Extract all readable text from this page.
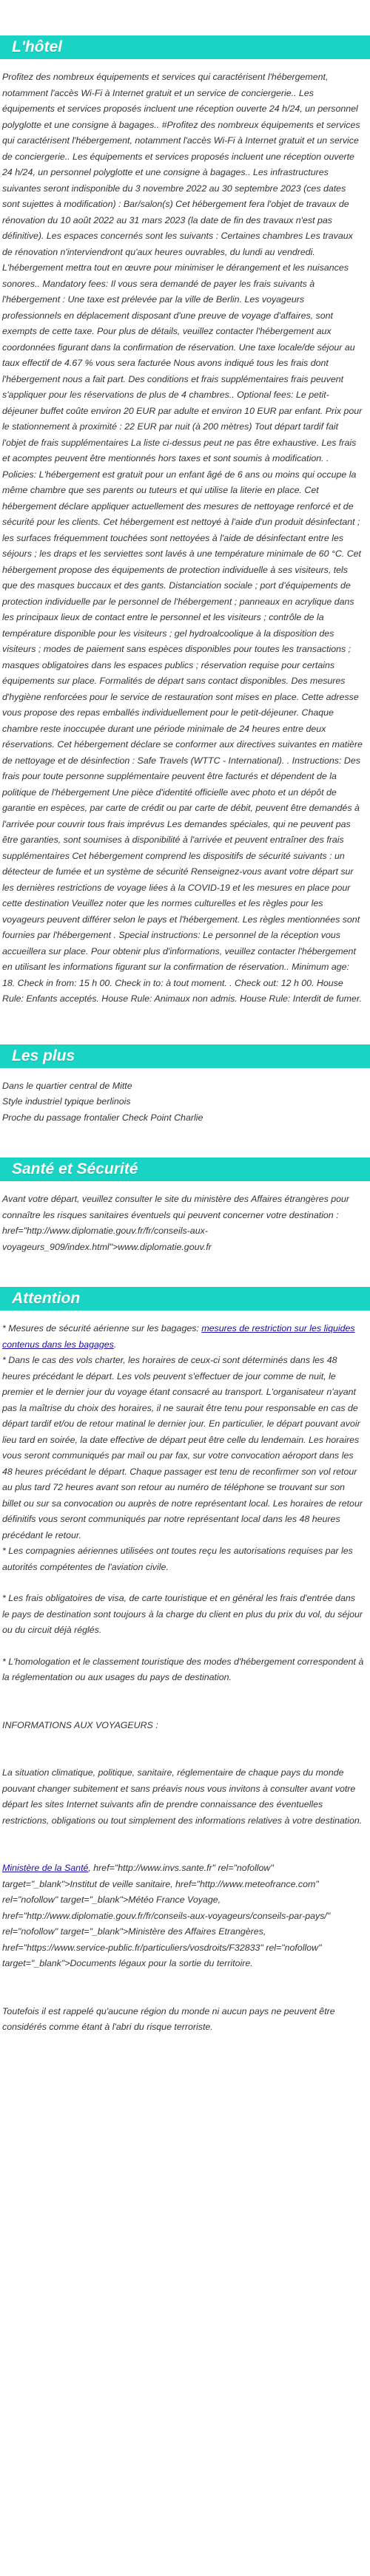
L'hôtel

Profitez des nombreux équipements et services qui caractérisent l'hébergement, notamment l'accès Wi-Fi à Internet gratuit et un service de conciergerie.. Les équipements et services proposés incluent une réception ouverte 24 h/24, un personnel polyglotte et une consigne à bagages.. #Profitez des nombreux équipements et services qui caractérisent l'hébergement, notamment l'accès Wi-Fi à Internet gratuit et un service de conciergerie.. Les équipements et services proposés incluent une réception ouverte 24 h/24, un personnel polyglotte et une consigne à bagages.. Les infrastructures suivantes seront indisponible du 3 novembre 2022 au 30 septembre 2023 (ces dates sont sujettes à modification) : Bar/salon(s) Cet hébergement fera l'objet de travaux de rénovation du 10 août 2022 au 31 mars 2023 (la date de fin des travaux n'est pas définitive). Les espaces concernés sont les suivants : Certaines chambres Les travaux de rénovation n'interviendront qu'aux heures ouvrables, du lundi au vendredi. L'hébergement mettra tout en œuvre pour minimiser le dérangement et les nuisances sonores.. Mandatory fees: Il vous sera demandé de payer les frais suivants à l'hébergement : Une taxe est prélevée par la ville de Berlin. Les voyageurs professionnels en déplacement disposant d'une preuve de voyage d'affaires, sont exempts de cette taxe. Pour plus de détails, veuillez contacter l'hébergement aux coordonnées figurant dans la confirmation de réservation. Une taxe locale/de séjour au taux effectif de 4.67 % vous sera facturée Nous avons indiqué tous les frais dont l'hébergement nous a fait part. Des conditions et frais supplémentaires frais peuvent s'appliquer pour les réservations de plus de 4 chambres.. Optional fees: Le petit-déjeuner buffet coûte environ 20 EUR par adulte et environ 10 EUR par enfant. Prix pour le stationnement à proximité : 22 EUR par nuit (à 200 mètres) Tout départ tardif fait l'objet de frais supplémentaires La liste ci-dessus peut ne pas être exhaustive. Les frais et acomptes peuvent être mentionnés hors taxes et sont soumis à modification. . Policies: L'hébergement est gratuit pour un enfant âgé de 6 ans ou moins qui occupe la même chambre que ses parents ou tuteurs et qui utilise la literie en place. Cet hébergement déclare appliquer actuellement des mesures de nettoyage renforcé et de sécurité pour les clients. Cet hébergement est nettoyé à l'aide d'un produit désinfectant ; les surfaces fréquemment touchées sont nettoyées à l'aide de désinfectant entre les séjours ; les draps et les serviettes sont lavés à une température minimale de 60 °C. Cet hébergement propose des équipements de protection individuelle à ses visiteurs, tels que des masques buccaux et des gants. Distanciation sociale ; port d'équipements de protection individuelle par le personnel de l'hébergement ; panneaux en acrylique dans les principaux lieux de contact entre le personnel et les visiteurs ; contrôle de la température disponible pour les visiteurs ; gel hydroalcoolique à la disposition des visiteurs ; modes de paiement sans espèces disponibles pour toutes les transactions ; masques obligatoires dans les espaces publics ; réservation requise pour certains équipements sur place. Formalités de départ sans contact disponibles. Des mesures d'hygiène renforcées pour le service de restauration sont mises en place. Cette adresse vous propose des repas emballés individuellement pour le petit-déjeuner. Chaque chambre reste inoccupée durant une période minimale de 24 heures entre deux réservations. Cet hébergement déclare se conformer aux directives suivantes en matière de nettoyage et de désinfection : Safe Travels (WTTC - International). . Instructions: Des frais pour toute personne supplémentaire peuvent être facturés et dépendent de la politique de l'hébergement Une pièce d'identité officielle avec photo et un dépôt de garantie en espèces, par carte de crédit ou par carte de débit, peuvent être demandés à l'arrivée pour couvrir tous frais imprévus Les demandes spéciales, qui ne peuvent pas être garanties, sont soumises à disponibilité à l'arrivée et peuvent entraîner des frais supplémentaires Cet hébergement comprend les dispositifs de sécurité suivants : un détecteur de fumée et un système de sécurité Renseignez-vous avant votre départ sur les dernières restrictions de voyage liées à la COVID-19 et les mesures en place pour cette destination Veuillez noter que les normes culturelles et les règles pour les voyageurs peuvent différer selon le pays et l'hébergement. Les règles mentionnées sont fournies par l'hébergement . Special instructions: Le personnel de la réception vous accueillera sur place. Pour obtenir plus d'informations, veuillez contacter l'hébergement en utilisant les informations figurant sur la confirmation de réservation.. Minimum age: 18. Check in from: 15 h 00. Check in to: à tout moment. . Check out: 12 h 00. House Rule: Enfants acceptés. House Rule: Animaux non admis. House Rule: Interdit de fumer.

Les plus

Dans le quartier central de Mitte

Style industriel typique berlinois

Proche du passage frontalier Check Point Charlie

Santé et Sécurité

Avant votre départ, veuillez consulter le site du ministère des Affaires étrangères pour connaître les risques sanitaires éventuels qui peuvent concerner votre destination : href="http://www.diplomatie.gouv.fr/fr/conseils-aux-voyageurs_909/index.html">www.diplomatie.gouv.fr

Attention

* Mesures de sécurité aérienne sur les bagages: mesures de restriction sur les liquides contenus dans les bagages.

* Dans le cas des vols charter, les horaires de ceux-ci sont déterminés dans les 48 heures précédant le départ. Les vols peuvent s'effectuer de jour comme de nuit, le premier et le dernier jour du voyage étant consacré au transport. L'organisateur n'ayant pas la maîtrise du choix des horaires, il ne saurait être tenu pour responsable en cas de départ tardif et/ou de retour matinal le dernier jour. En particulier, le départ pouvant avoir lieu tard en soirée, la date effective de départ peut être celle du lendemain. Les horaires vous seront communiqués par mail ou par fax, sur votre convocation aéroport dans les 48 heures précédant le départ. Chaque passager est tenu de reconfirmer son vol retour au plus tard 72 heures avant son retour au numéro de téléphone se trouvant sur son billet ou sur sa convocation ou auprès de notre représentant local. Les horaires de retour définitifs vous seront communiqués par notre représentant local dans les 48 heures précédant le retour.

* Les compagnies aériennes utilisées ont toutes reçu les autorisations requises par les autorités compétentes de l'aviation civile.

* Les frais obligatoires de visa, de carte touristique et en général les frais d'entrée dans le pays de destination sont toujours à la charge du client en plus du prix du vol, du séjour ou du circuit déjà réglés.

* L'homologation et le classement touristique des modes d'hébergement correspondent à la réglementation ou aux usages du pays de destination.

INFORMATIONS AUX VOYAGEURS :

La situation climatique, politique, sanitaire, réglementaire de chaque pays du monde pouvant changer subitement et sans préavis nous vous invitons à consulter avant votre départ les sites Internet suivants afin de prendre connaissance des éventuelles restrictions, obligations ou tout simplement des informations relatives à votre destination.

Ministère de la Santé, href="http://www.invs.sante.fr" rel="nofollow" target="_blank">Institut de veille sanitaire, href="http://www.meteofrance.com" rel="nofollow" target="_blank">Météo France Voyage, href="http://www.diplomatie.gouv.fr/fr/conseils-aux-voyageurs/conseils-par-pays/" rel="nofollow" target="_blank">Ministère des Affaires Etrangères, href="https://www.service-public.fr/particuliers/vosdroits/F32833" rel="nofollow" target="_blank">Documents légaux pour la sortie du territoire.

Toutefois il est rappelé qu'aucune région du monde ni aucun pays ne peuvent être considérés comme étant à l'abri du risque terroriste.
